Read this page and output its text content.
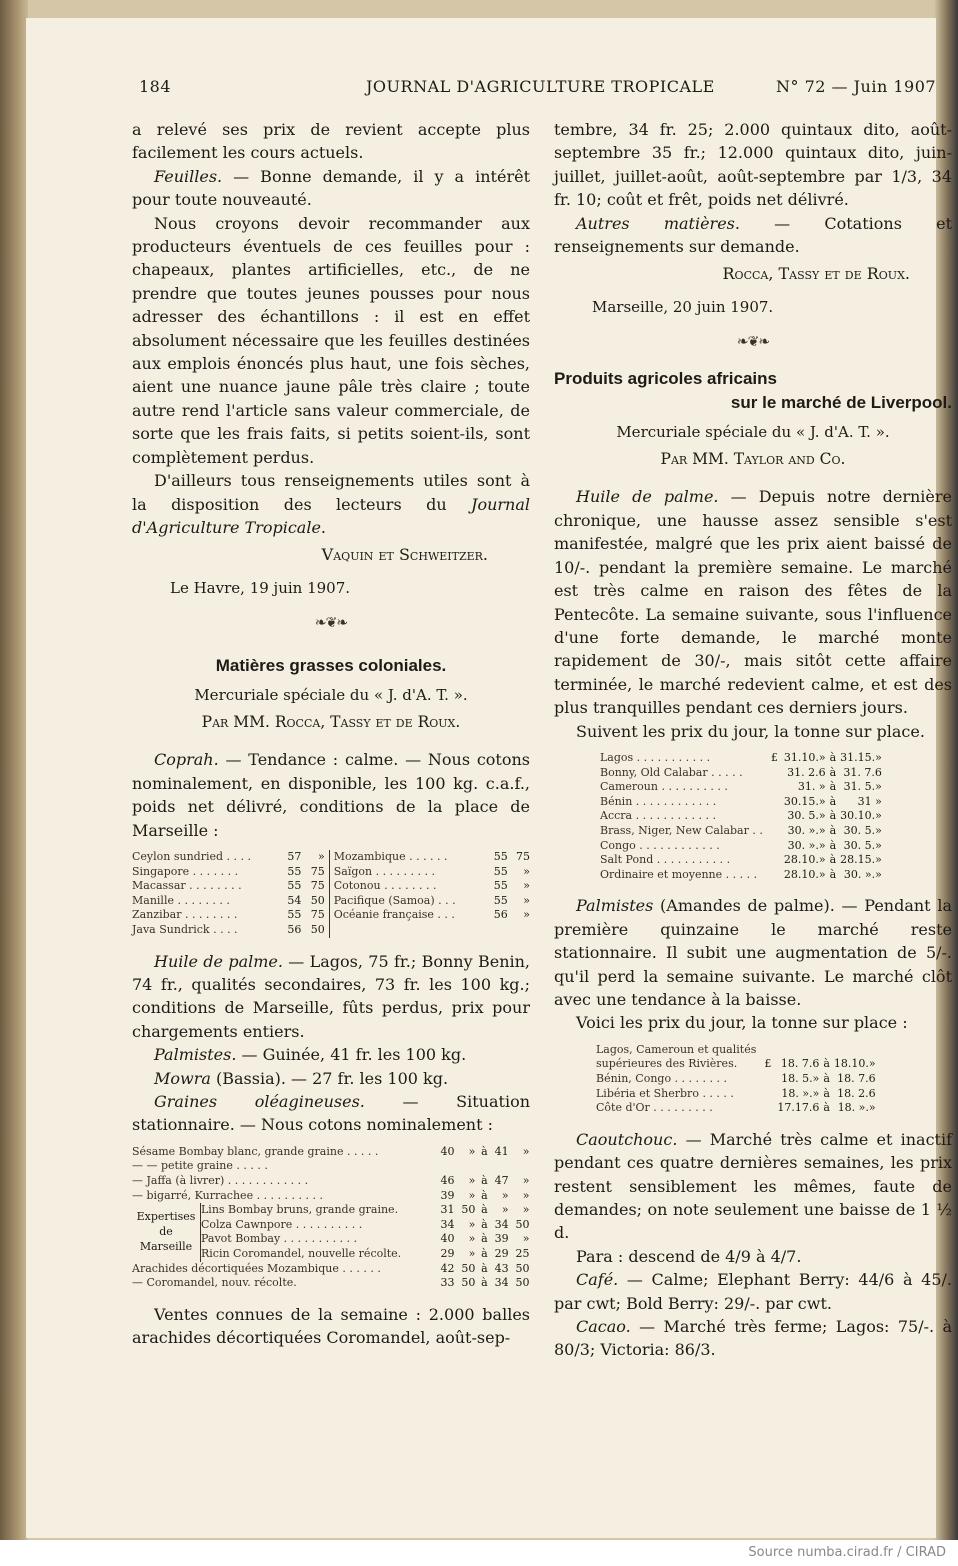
184	JOURNAL D'AGRICULTURE TROPICALE	N° 72 — Juin 1907

a relevé ses prix de revient accepte plus facilement les cours actuels.

Feuilles. — Bonne demande, il y a intérêt pour toute nouveauté.

Nous croyons devoir recommander aux producteurs éventuels de ces feuilles pour : chapeaux, plantes artificielles, etc., de ne prendre que toutes jeunes pousses pour nous adresser des échantillons : il est en effet absolument nécessaire que les feuilles destinées aux emplois énoncés plus haut, une fois sèches, aient une nuance jaune pâle très claire ; toute autre rend l'article sans valeur commerciale, de sorte que les frais faits, si petits soient-ils, sont complètement perdus.

D'ailleurs tous renseignements utiles sont à la disposition des lecteurs du Journal d'Agriculture Tropicale.

Vaquin et Schweitzer.

Le Havre, 19 juin 1907.

❧❦❧

Matières grasses coloniales.

Mercuriale spéciale du « J. d'A. T. ».

Par MM. Rocca, Tassy et de Roux.

Coprah. — Tendance : calme. — Nous cotons nominalement, en disponible, les 100 kg. c.a.f., poids net délivré, conditions de la place de Marseille :

Ceylon sundried . . . .	57	»	Mozambique . . . . . .	55	75
Singapore . . . . . . .	55	75	Saïgon . . . . . . . . .	55	»
Macassar . . . . . . . .	55	75	Cotonou . . . . . . . .	55	»
Manille . . . . . . . .	54	50	Pacifique (Samoa) . . .	55	»
Zanzibar . . . . . . . .	55	75	Océanie française . . .	56	»
Java Sundrick . . . .	56	50			

Huile de palme. — Lagos, 75 fr.; Bonny Benin, 74 fr., qualités secondaires, 73 fr. les 100 kg.; conditions de Marseille, fûts perdus, prix pour chargements entiers.

Palmistes. — Guinée, 41 fr. les 100 kg.

Mowra (Bassia). — 27 fr. les 100 kg.

Graines oléagineuses. — Situation stationnaire. — Nous cotons nominalement :

Sésame Bombay blanc, grande graine . . . . .		40	»	à	41	»
— — petite graine . . . . .						
— Jaffa (à livrer) . . . . . . . . . . . .		46	»	à	47	»
— bigarré, Kurrachee . . . . . . . . . .		39	»	à	»	»
Expertises de Marseille	Lins Bombay bruns, grande graine.	31	50	à	»	»
	Colza Cawnpore . . . . . . . . . .	34	»	à	34	50
	Pavot Bombay . . . . . . . . . . .	40	»	à	39	»
	Ricin Coromandel, nouvelle récolte.	29	»	à	29	25
Arachides décortiquées Mozambique . . . . . .		42	50	à	43	50
— Coromandel, nouv. récolte.		33	50	à	34	50

Ventes connues de la semaine : 2.000 balles arachides décortiquées Coromandel, août-sep-

tembre, 34 fr. 25; 2.000 quintaux dito, août-septembre 35 fr.; 12.000 quintaux dito, juin-juillet, juillet-août, août-septembre par 1/3, 34 fr. 10; coût et frêt, poids net délivré.

Autres matières. — Cotations et renseignements sur demande.

Rocca, Tassy et de Roux.

Marseille, 20 juin 1907.

❧❦❧

Produits agricoles africains

sur le marché de Liverpool.

Mercuriale spéciale du « J. d'A. T. ».

Par MM. Taylor and Co.

Huile de palme. — Depuis notre dernière chronique, une hausse assez sensible s'est manifestée, malgré que les prix aient baissé de 10/-. pendant la première semaine. Le marché est très calme en raison des fêtes de la Pentecôte. La semaine suivante, sous l'influence d'une forte demande, le marché monte rapidement de 30/-, mais sitôt cette affaire terminée, le marché redevient calme, et est des plus tranquilles pendant ces derniers jours.

Suivent les prix du jour, la tonne sur place.

Lagos . . . . . . . . . . .	£	31.10.»	à	31.15.»
Bonny, Old Calabar . . . . .		31. 2.6	à	31. 7.6
Cameroun . . . . . . . . . .		31. »	à	31. 5.»
Bénin . . . . . . . . . . . .		30.15.»	à	31 »
Accra . . . . . . . . . . . .		30. 5.»	à	30.10.»
Brass, Niger, New Calabar . .		30. ».»	à	30. 5.»
Congo . . . . . . . . . . . .		30. ».»	à	30. 5.»
Salt Pond . . . . . . . . . . .		28.10.»	à	28.15.»
Ordinaire et moyenne . . . . .		28.10.»	à	30. ».»

Palmistes (Amandes de palme). — Pendant la première quinzaine le marché reste stationnaire. Il subit une augmentation de 5/-. qu'il perd la semaine suivante. Le marché clôt avec une tendance à la baisse.

Voici les prix du jour, la tonne sur place :

Lagos, Cameroun et qualités				
supérieures des Rivières.	£	18. 7.6	à	18.10.»
Bénin, Congo . . . . . . . .		18. 5.»	à	18. 7.6
Libéria et Sherbro . . . . .		18. ».»	à	18. 2.6
Côte d'Or . . . . . . . . .		17.17.6	à	18. ».»

Caoutchouc. — Marché très calme et inactif pendant ces quatre dernières semaines, les prix restent sensiblement les mêmes, faute de demandes; on note seulement une baisse de 1 ½ d.

Para : descend de 4/9 à 4/7.

Café. — Calme; Elephant Berry: 44/6 à 45/. par cwt; Bold Berry: 29/-. par cwt.

Cacao. — Marché très ferme; Lagos: 75/-. à 80/3; Victoria: 86/3.

Source numba.cirad.fr / CIRAD
